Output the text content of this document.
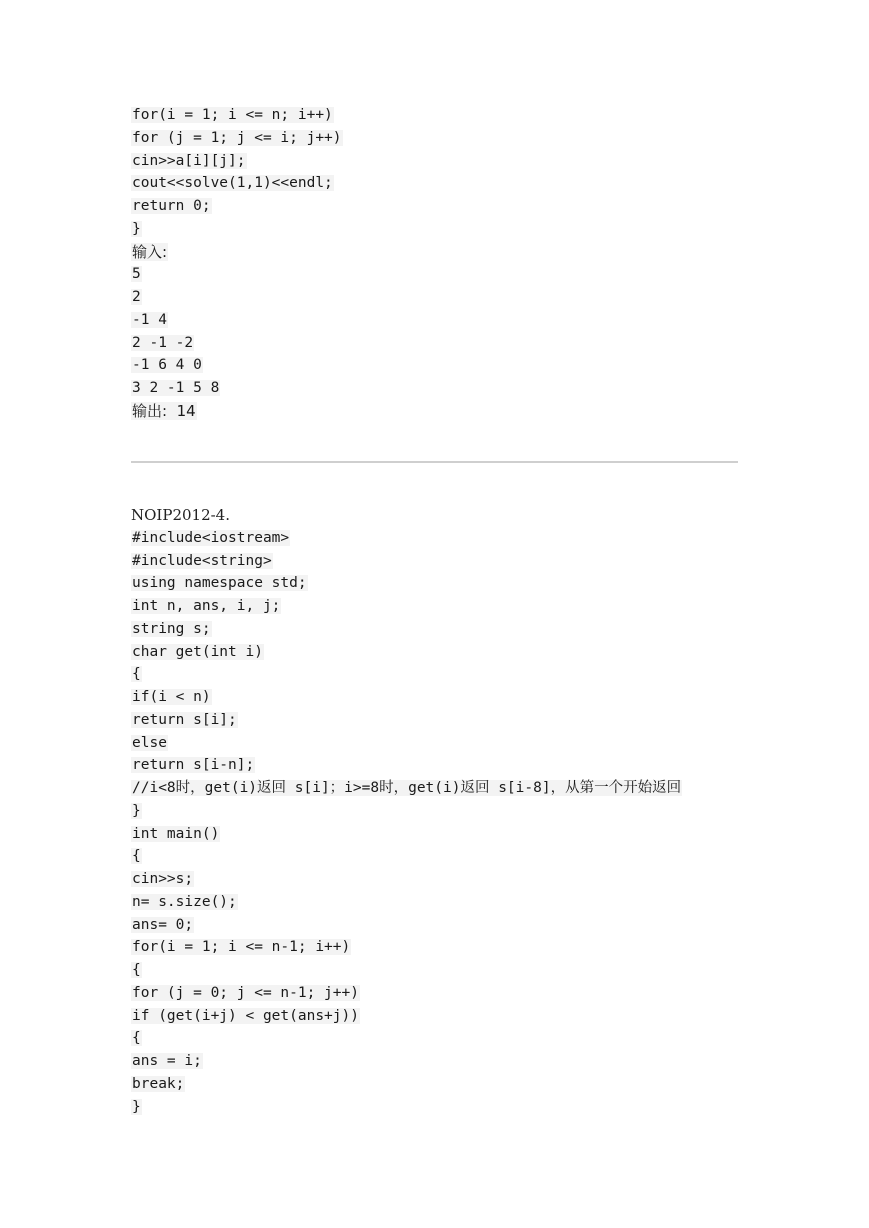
for(i = 1; i <= n; i++)
for (j = 1; j <= i; j++)
cin>>a[i][j];
cout<<solve(1,1)<<endl;
return 0;
}
输入:
5
2
-1 4
2 -1 -2
-1 6 4 0
3 2 -1 5 8
输出:  14
NOIP2012-4.
#include<iostream>
#include<string>
using namespace std;
int n, ans, i, j;
string s;
char get(int i)
{
if(i < n)
return s[i];
else
return s[i-n];
//i<8时，get(i)返回 s[i]；i>=8时，get(i)返回 s[i-8]，从第一个开始返回
}
int main()
{
cin>>s;
n= s.size();
ans= 0;
for(i = 1; i <= n-1; i++)
{
for (j = 0; j <= n-1; j++)
if (get(i+j) < get(ans+j))
{
ans = i;
break;
}
